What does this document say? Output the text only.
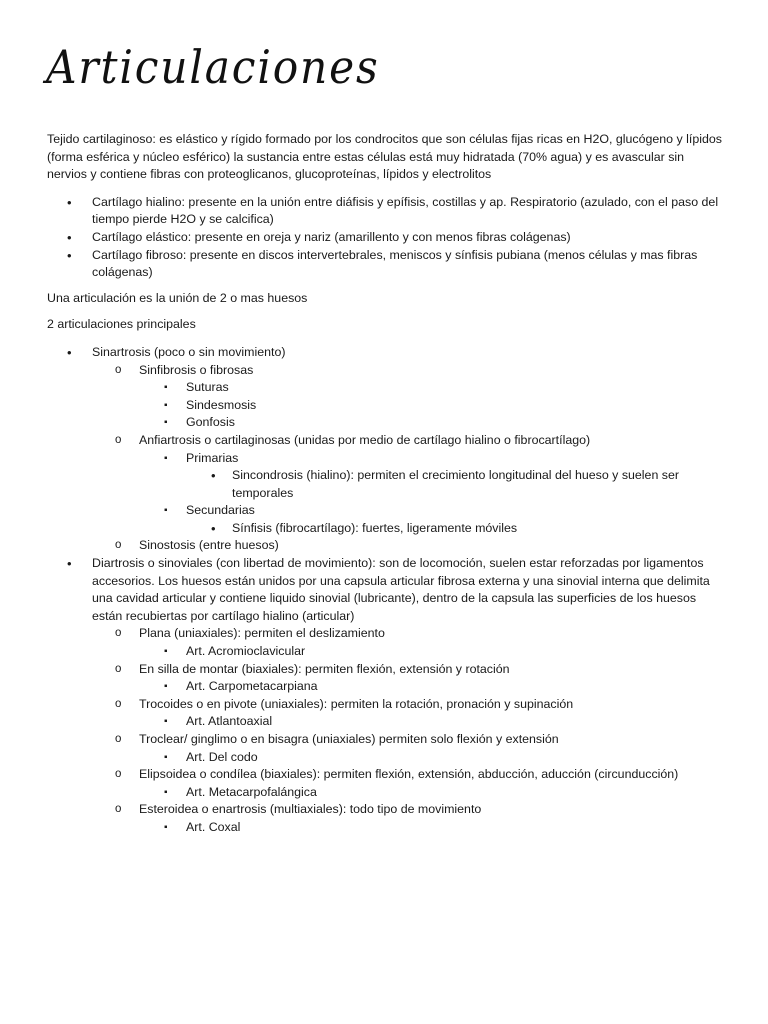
Articulaciones

Tejido cartilaginoso: es elástico y rígido formado por los condrocitos que son células fijas ricas en H2O, glucógeno y lípidos (forma esférica y núcleo esférico) la sustancia entre estas células está muy hidratada (70% agua) y es avascular sin nervios y contiene fibras con proteoglicanos, glucoproteínas, lípidos y electrolitos

• Cartílago hialino: presente en la unión entre diáfisis y epífisis, costillas y ap. Respiratorio (azulado, con el paso del tiempo pierde H2O y se calcifica)
• Cartílago elástico: presente en oreja y nariz (amarillento y con menos fibras colágenas)
• Cartílago fibroso: presente en discos intervertebrales, meniscos y sínfisis pubiana (menos células y mas fibras colágenas)

Una articulación es la unión de 2 o mas huesos

2 articulaciones principales

• Sinartrosis (poco o sin movimiento)
o Sinfibrosis o fibrosas
▪ Suturas
▪ Sindesmosis
▪ Gonfosis
o Anfiartrosis o cartilaginosas (unidas por medio de cartílago hialino o fibrocartílago)
▪ Primarias
• Sincondrosis (hialino): permiten el crecimiento longitudinal del hueso y suelen ser temporales
▪ Secundarias
• Sínfisis (fibrocartílago): fuertes, ligeramente móviles
o Sinostosis (entre huesos)
• Diartrosis o sinoviales (con libertad de movimiento): son de locomoción, suelen estar reforzadas por ligamentos accesorios. Los huesos están unidos por una capsula articular fibrosa externa y una sinovial interna que delimita una cavidad articular y contiene liquido sinovial (lubricante), dentro de la capsula las superficies de los huesos están recubiertas por cartílago hialino (articular)
o Plana (uniaxiales): permiten el deslizamiento
▪ Art. Acromioclavicular
o En silla de montar (biaxiales): permiten flexión, extensión y rotación
▪ Art. Carpometacarpiana
o Trocoides o en pivote (uniaxiales): permiten la rotación, pronación y supinación
▪ Art. Atlantoaxial
o Troclear/ ginglimo o en bisagra (uniaxiales) permiten solo flexión y extensión
▪ Art. Del codo
o Elipsoidea o condílea (biaxiales): permiten flexión, extensión, abducción, aducción (circunducción)
▪ Art. Metacarpofalángica
o Esteroidea o enartrosis (multiaxiales): todo tipo de movimiento
▪ Art. Coxal
